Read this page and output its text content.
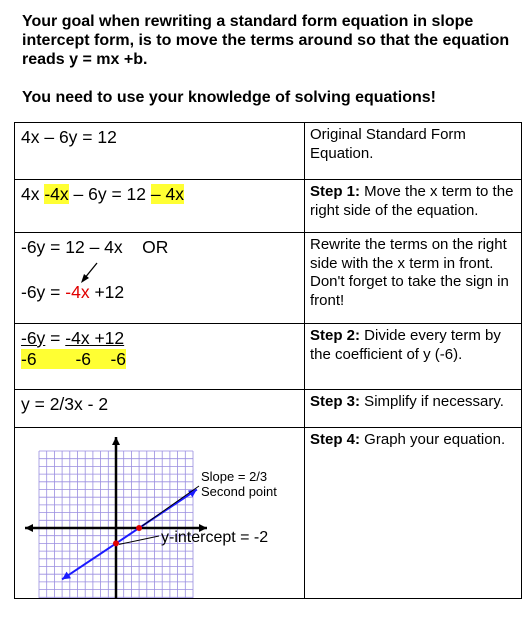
Your goal when rewriting a standard form equation in slope intercept form, is to move the terms around so that the equation reads y = mx +b.

You need to use your knowledge of solving equations!

4x – 6y = 12	Original Standard Form Equation.
4x -4x – 6y = 12 – 4x	Step 1: Move the x term to the right side of the equation.

-6y = 12 – 4x    OR
-6y = -4x +12	Rewrite the terms on the right side with the x term in front. Don't forget to take the sign in front!

-6y = -4x +12
-6        -6    -6	Step 2: Divide every term by the coefficient of y (-6).
y = 2/3x - 2	Step 3: Simplify if necessary.

Slope = 2/3
Second point
y-intercept = -2	Step 4: Graph your equation.
